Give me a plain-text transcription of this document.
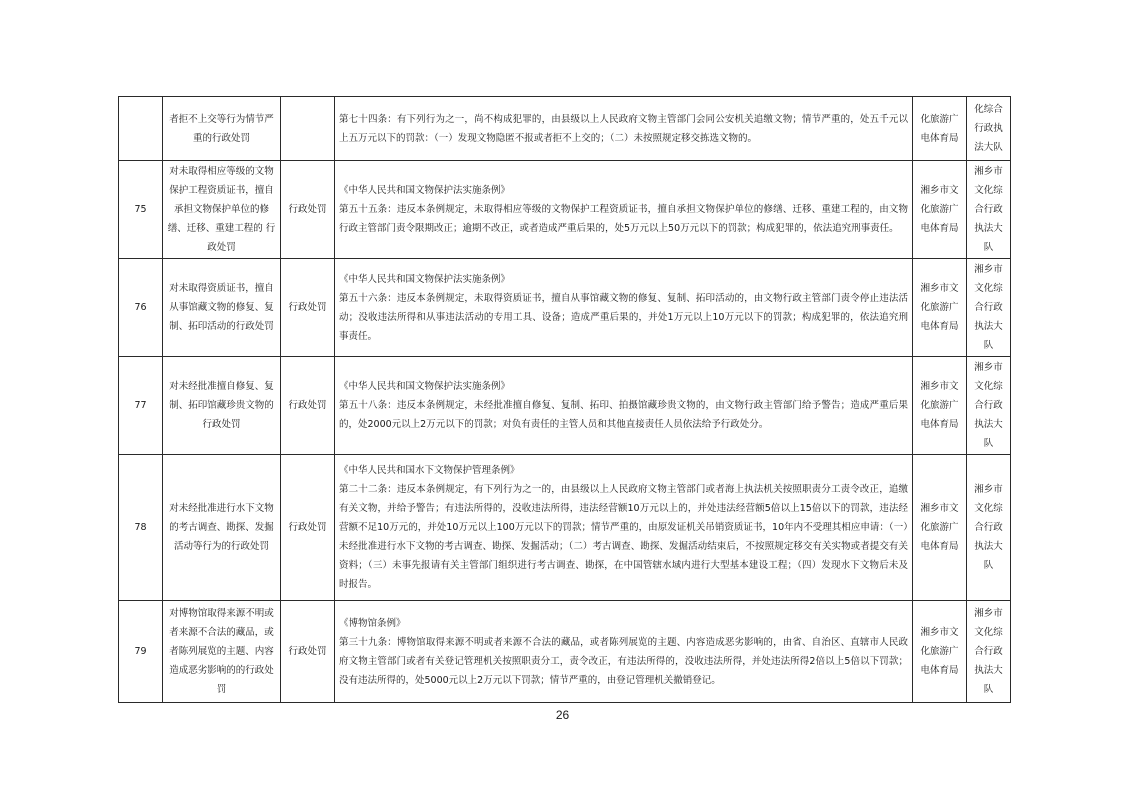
	者拒不上交等行为情节严重的行政处罚		第七十四条：有下列行为之一，尚不构成犯罪的，由县级以上人民政府文物主管部门会同公安机关追缴文物；情节严重的，处五千元以上五万元以下的罚款：（一）发现文物隐匿不报或者拒不上交的；（二）未按照规定移交拣选文物的。	化旅游广电体育局	化综合行政执法大队
75	对未取得相应等级的文物保护工程资质证书，擅自承担文物保护单位的修缮、迁移、重建工程的 行政处罚	行政处罚	《中华人民共和国文物保护法实施条例》
第五十五条：违反本条例规定，未取得相应等级的文物保护工程资质证书，擅自承担文物保护单位的修缮、迁移、重建工程的，由文物行政主管部门责令限期改正；逾期不改正，或者造成严重后果的，处5万元以上50万元以下的罚款；构成犯罪的，依法追究刑事责任。	湘乡市文化旅游广电体育局	湘乡市文化综合行政执法大队
76	对未取得资质证书，擅自从事馆藏文物的修复、复制、拓印活动的行政处罚	行政处罚	《中华人民共和国文物保护法实施条例》
第五十六条：违反本条例规定，未取得资质证书，擅自从事馆藏文物的修复、复制、拓印活动的，由文物行政主管部门责令停止违法活动；没收违法所得和从事违法活动的专用工具、设备；造成严重后果的，并处1万元以上10万元以下的罚款；构成犯罪的，依法追究刑事责任。	湘乡市文化旅游广电体育局	湘乡市文化综合行政执法大队
77	对未经批准擅自修复、复制、拓印馆藏珍贵文物的行政处罚	行政处罚	《中华人民共和国文物保护法实施条例》
第五十八条：违反本条例规定，未经批准擅自修复、复制、拓印、拍摄馆藏珍贵文物的，由文物行政主管部门给予警告；造成严重后果的，处2000元以上2万元以下的罚款；对负有责任的主管人员和其他直接责任人员依法给予行政处分。	湘乡市文化旅游广电体育局	湘乡市文化综合行政执法大队
78	对未经批准进行水下文物的考古调查、勘探、发掘活动等行为的行政处罚	行政处罚	《中华人民共和国水下文物保护管理条例》
第二十二条：违反本条例规定，有下列行为之一的，由县级以上人民政府文物主管部门或者海上执法机关按照职责分工责令改正，追缴有关文物，并给予警告；有违法所得的，没收违法所得，违法经营额10万元以上的，并处违法经营额5倍以上15倍以下的罚款，违法经营额不足10万元的，并处10万元以上100万元以下的罚款；情节严重的，由原发证机关吊销资质证书，10年内不受理其相应申请：（一）未经批准进行水下文物的考古调查、勘探、发掘活动；（二）考古调查、勘探、发掘活动结束后，不按照规定移交有关实物或者提交有关资料；（三）未事先报请有关主管部门组织进行考古调查、勘探，在中国管辖水域内进行大型基本建设工程；（四）发现水下文物后未及时报告。	湘乡市文化旅游广电体育局	湘乡市文化综合行政执法大队
79	对博物馆取得来源不明或者来源不合法的藏品，或者陈列展览的主题、内容造成恶劣影响的的行政处罚	行政处罚	《博物馆条例》
第三十九条：博物馆取得来源不明或者来源不合法的藏品，或者陈列展览的主题、内容造成恶劣影响的，由省、自治区、直辖市人民政府文物主管部门或者有关登记管理机关按照职责分工，责令改正，有违法所得的，没收违法所得，并处违法所得2倍以上5倍以下罚款；没有违法所得的，处5000元以上2万元以下罚款；情节严重的，由登记管理机关撤销登记。	湘乡市文化旅游广电体育局	湘乡市文化综合行政执法大队
26
